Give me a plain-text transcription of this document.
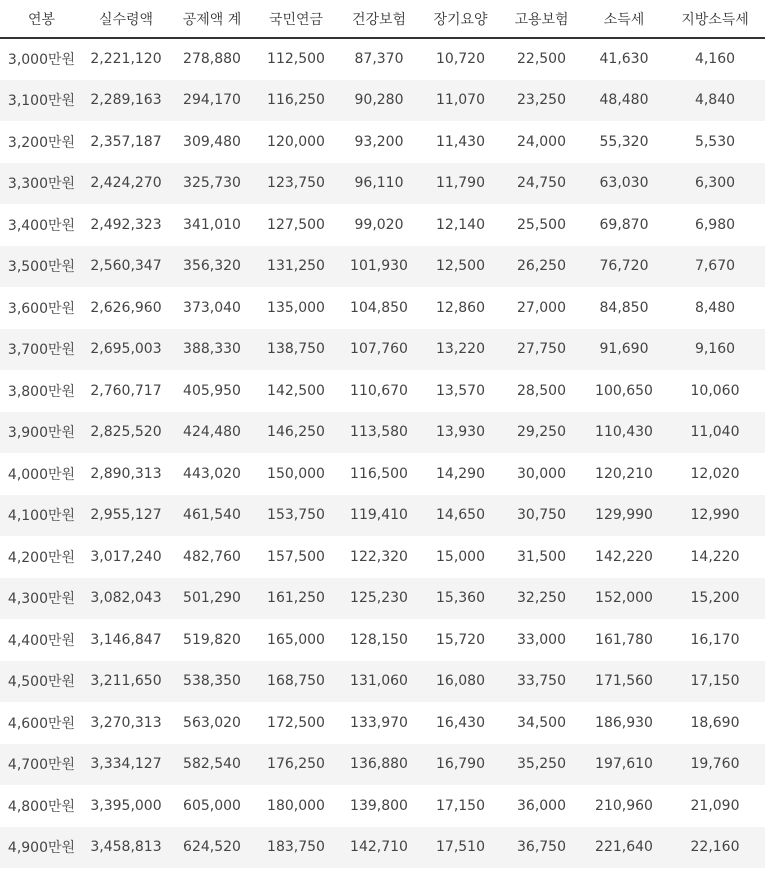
연봉	실수령액	공제액 계	국민연금	건강보험	장기요양	고용보험	소득세	지방소득세
3,000만원	2,221,120	278,880	112,500	87,370	10,720	22,500	41,630	4,160
3,100만원	2,289,163	294,170	116,250	90,280	11,070	23,250	48,480	4,840
3,200만원	2,357,187	309,480	120,000	93,200	11,430	24,000	55,320	5,530
3,300만원	2,424,270	325,730	123,750	96,110	11,790	24,750	63,030	6,300
3,400만원	2,492,323	341,010	127,500	99,020	12,140	25,500	69,870	6,980
3,500만원	2,560,347	356,320	131,250	101,930	12,500	26,250	76,720	7,670
3,600만원	2,626,960	373,040	135,000	104,850	12,860	27,000	84,850	8,480
3,700만원	2,695,003	388,330	138,750	107,760	13,220	27,750	91,690	9,160
3,800만원	2,760,717	405,950	142,500	110,670	13,570	28,500	100,650	10,060
3,900만원	2,825,520	424,480	146,250	113,580	13,930	29,250	110,430	11,040
4,000만원	2,890,313	443,020	150,000	116,500	14,290	30,000	120,210	12,020
4,100만원	2,955,127	461,540	153,750	119,410	14,650	30,750	129,990	12,990
4,200만원	3,017,240	482,760	157,500	122,320	15,000	31,500	142,220	14,220
4,300만원	3,082,043	501,290	161,250	125,230	15,360	32,250	152,000	15,200
4,400만원	3,146,847	519,820	165,000	128,150	15,720	33,000	161,780	16,170
4,500만원	3,211,650	538,350	168,750	131,060	16,080	33,750	171,560	17,150
4,600만원	3,270,313	563,020	172,500	133,970	16,430	34,500	186,930	18,690
4,700만원	3,334,127	582,540	176,250	136,880	16,790	35,250	197,610	19,760
4,800만원	3,395,000	605,000	180,000	139,800	17,150	36,000	210,960	21,090
4,900만원	3,458,813	624,520	183,750	142,710	17,510	36,750	221,640	22,160
